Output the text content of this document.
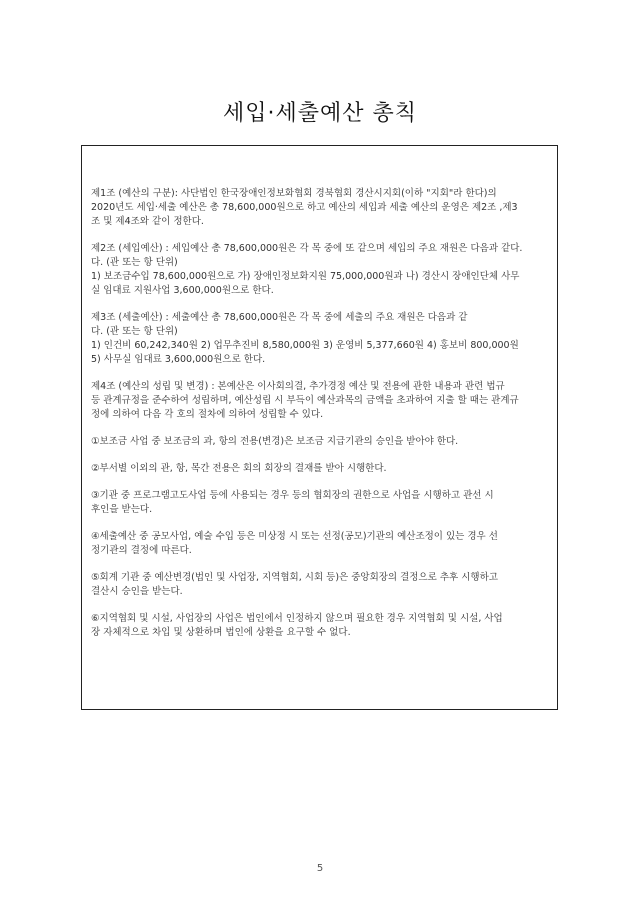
세입·세출예산 총칙
제1조 (예산의 구분): 사단법인 한국장애인정보화협회 경북협회 경산시지회(이하 "지회"라 한다)의
2020년도 세입·세출 예산은 총 78,600,000원으로 하고 예산의 세입과 세출 예산의 운영은 제2조 ,제3
조 및 제4조와 같이 정한다.
제2조 (세입예산) : 세입예산 총 78,600,000원은 각 목 중에 또 같으며 세입의 주요 재원은 다음과 같다.
다. (관 또는 항 단위)
1) 보조금수입 78,600,000원으로 가) 장애인정보화지원 75,000,000원과 나) 경산시 장애인단체 사무
실 임대료 지원사업 3,600,000원으로 한다.
제3조 (세출예산) : 세출예산 총 78,600,000원은 각 목 중에 세출의 주요 재원은 다음과 같
다. (관 또는 항 단위)
1) 인건비 60,242,340원 2) 업무추진비 8,580,000원 3) 운영비 5,377,660원 4) 홍보비 800,000원
5) 사무실 임대료 3,600,000원으로 한다.
제4조 (예산의 성립 및 변경) : 본예산은 이사회의결, 추가경정 예산 및 전용에 관한 내용과 관련 법규
등 관계규정을 준수하여 성립하며, 예산성립 시 부득이 예산과목의 금액을 초과하여 지출 할 때는 관계규
정에 의하여 다음 각 호의 절차에 의하여 성립할 수 있다.
①보조금 사업 중 보조금의 과, 항의 전용(변경)은 보조금 지급기관의 승인을 받아야 한다.
②부서별 이외의 관, 항, 목간 전용은 회의 회장의 결재를 받아 시행한다.
③기관 중 프로그램고도사업 등에 사용되는 경우 등의 협회장의 권한으로 사업을 시행하고 관선 시
후인을 받는다.
④세출예산 중 공모사업, 예술 수입 등은 미상정 시 또는 선정(공모)기관의 예산조정이 있는 경우 선
정기관의 결정에 따른다.
⑤회계 기관 중 예산변경(법인 및 사업장, 지역협회, 시회 등)은 중앙회장의 결정으로 추후 시행하고
결산시 승인을 받는다.
⑥지역협회 및 시설, 사업장의 사업은 법인에서 인정하지 않으며 필요한 경우 지역협회 및 시설, 사업
장 자체적으로 차입 및 상환하며 법인에 상환을 요구할 수 없다.
5
